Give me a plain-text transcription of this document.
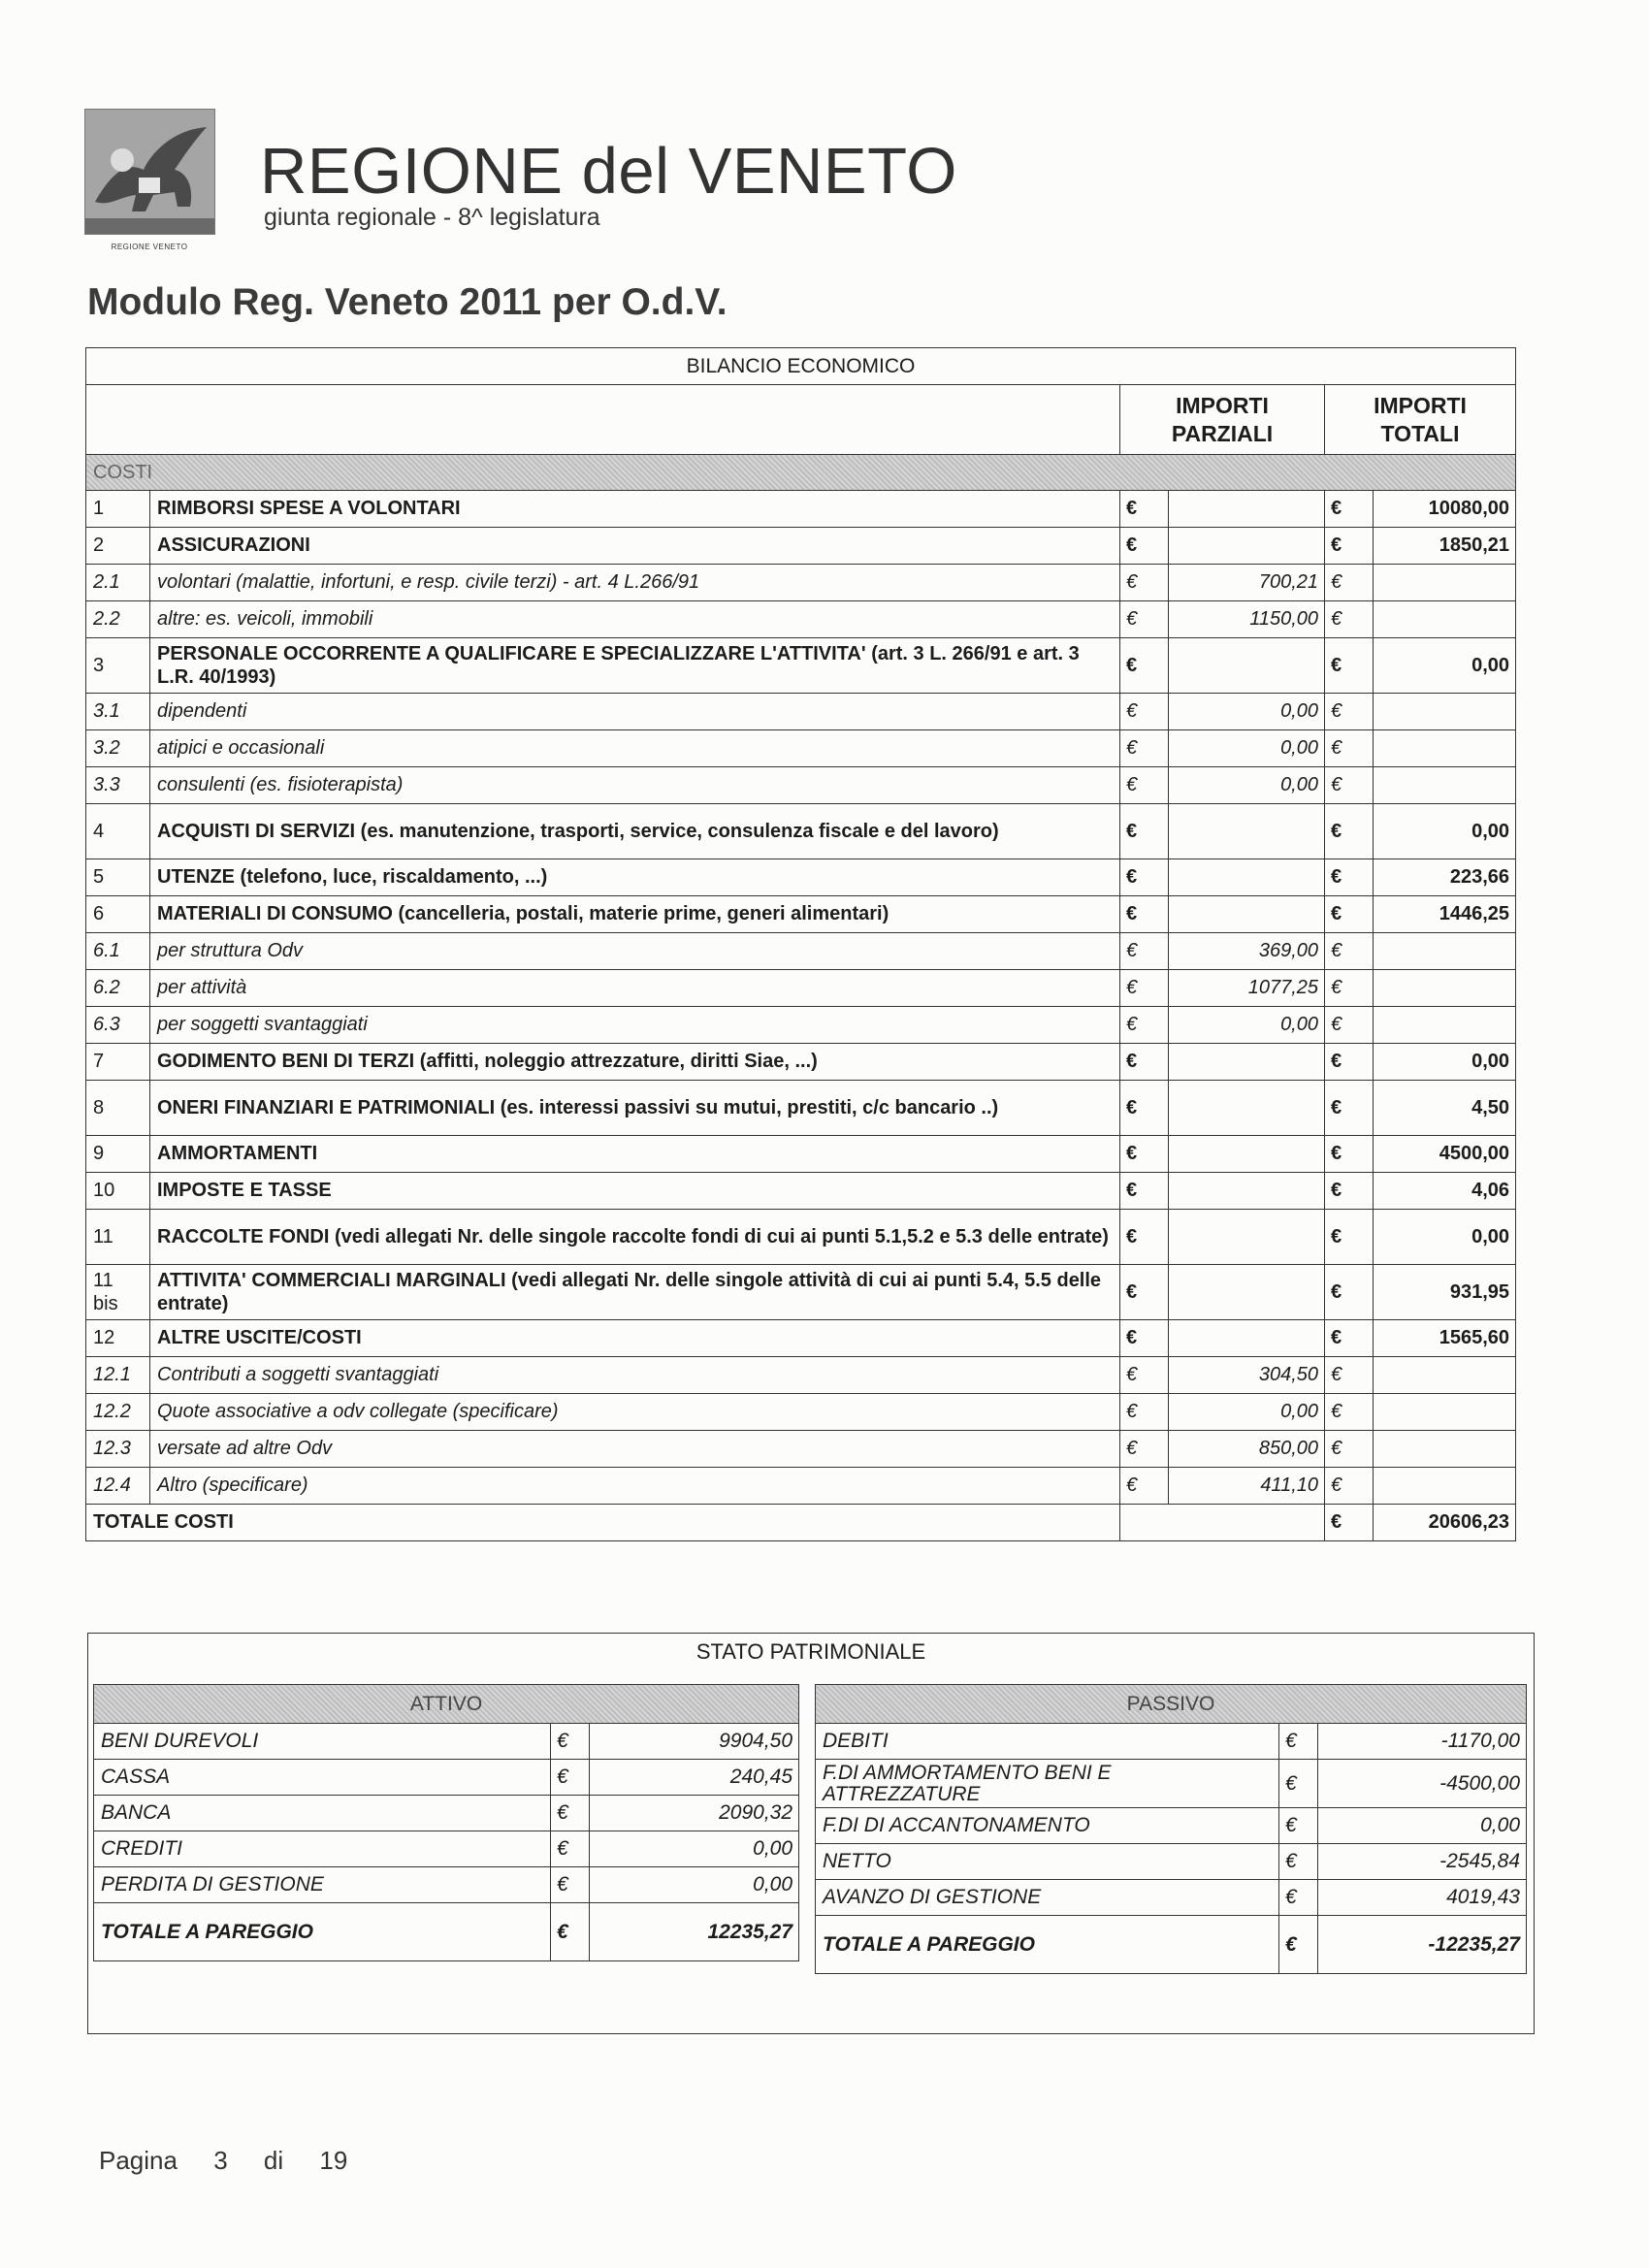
REGIONE VENETO
REGIONE del VENETO
giunta regionale - 8^ legislatura
Modulo Reg. Veneto 2011 per O.d.V.
BILANCIO ECONOMICO					
		IMPORTI PARZIALI		IMPORTI TOTALI	
COSTI					
1	RIMBORSI SPESE A VOLONTARI	€		€	10080,00
2	ASSICURAZIONI	€		€	1850,21
2.1	volontari (malattie, infortuni, e resp. civile terzi) - art. 4 L.266/91	€	700,21	€	
2.2	altre: es. veicoli, immobili	€	1150,00	€	
3	PERSONALE OCCORRENTE A QUALIFICARE E SPECIALIZZARE L'ATTIVITA' (art. 3 L. 266/91 e art. 3 L.R. 40/1993)	€		€	0,00
3.1	dipendenti	€	0,00	€	
3.2	atipici e occasionali	€	0,00	€	
3.3	consulenti (es. fisioterapista)	€	0,00	€	
4	ACQUISTI DI SERVIZI (es. manutenzione, trasporti, service, consulenza fiscale e del lavoro)	€		€	0,00
5	UTENZE (telefono, luce, riscaldamento, ...)	€		€	223,66
6	MATERIALI DI CONSUMO (cancelleria, postali, materie prime, generi alimentari)	€		€	1446,25
6.1	per struttura Odv	€	369,00	€	
6.2	per attività	€	1077,25	€	
6.3	per soggetti svantaggiati	€	0,00	€	
7	GODIMENTO BENI DI TERZI (affitti, noleggio attrezzature, diritti Siae, ...)	€		€	0,00
8	ONERI FINANZIARI E PATRIMONIALI (es. interessi passivi su mutui, prestiti, c/c bancario ..)	€		€	4,50
9	AMMORTAMENTI	€		€	4500,00
10	IMPOSTE E TASSE	€		€	4,06
11	RACCOLTE FONDI (vedi allegati Nr. delle singole raccolte fondi di cui ai punti 5.1,5.2 e 5.3 delle entrate)	€		€	0,00
11 bis	ATTIVITA' COMMERCIALI MARGINALI (vedi allegati Nr. delle singole attività di cui ai punti 5.4, 5.5 delle entrate)	€		€	931,95
12	ALTRE USCITE/COSTI	€		€	1565,60
12.1	Contributi a soggetti svantaggiati	€	304,50	€	
12.2	Quote associative a odv collegate (specificare)	€	0,00	€	
12.3	versate ad altre Odv	€	850,00	€	
12.4	Altro (specificare)	€	411,10	€	
TOTALE COSTI				€	20606,23
STATO PATRIMONIALE
ATTIVO		
BENI DUREVOLI	€	9904,50
CASSA	€	240,45
BANCA	€	2090,32
CREDITI	€	0,00
PERDITA DI GESTIONE	€	0,00
TOTALE A PAREGGIO	€	12235,27
PASSIVO		
DEBITI	€	-1170,00
F.DI AMMORTAMENTO BENI E ATTREZZATURE	€	-4500,00
F.DI DI ACCANTONAMENTO	€	0,00
NETTO	€	-2545,84
AVANZO DI GESTIONE	€	4019,43
TOTALE A PAREGGIO	€	-12235,27
Pagina 3 di 19
